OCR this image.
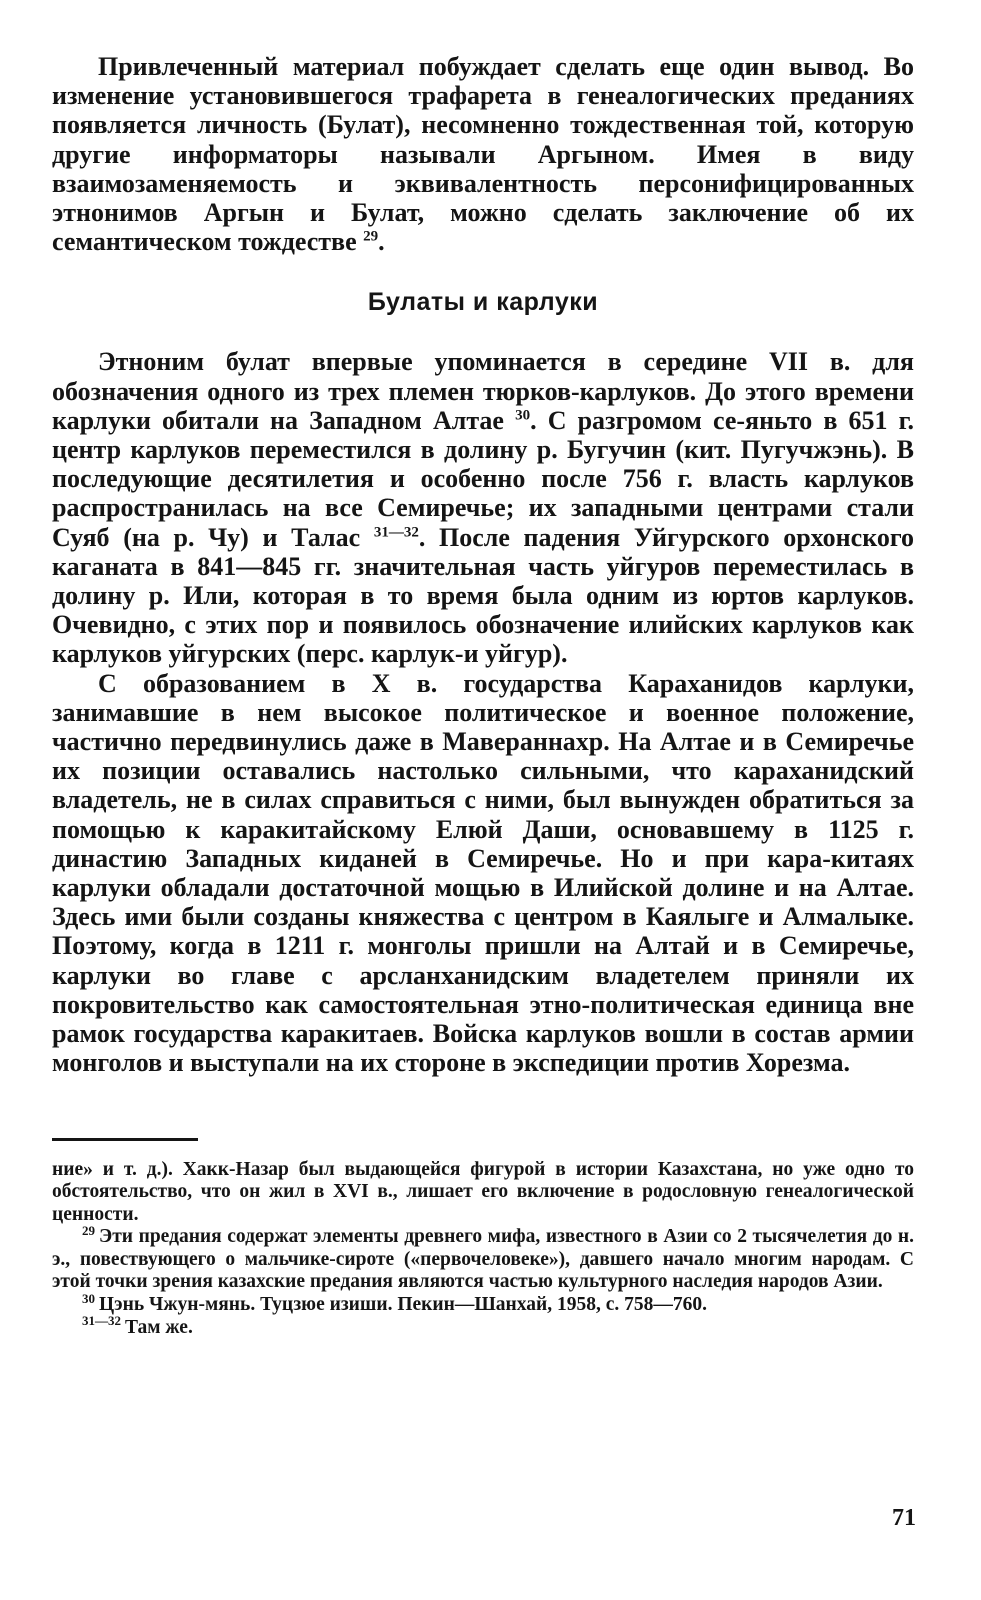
Привлеченный материал побуждает сделать еще один вывод. Во изменение установившегося трафарета в генеалогических преданиях появляется личность (Булат), несомненно тождественная той, которую другие информаторы называли Аргыном. Имея в виду взаимозаменяемость и эквивалентность персонифицированных этнонимов Аргын и Булат, можно сделать заключение об их семантическом тождестве $^{29}$.

Булаты и карлуки

Этноним булат впервые упоминается в середине VII в. для обозначения одного из трех племен тюрков-карлуков. До этого времени карлуки обитали на Западном Алтае $^{30}$. С разгромом се-яньто в 651 г. центр карлуков переместился в долину р. Бугучин (кит. Пугучжэнь). В последующие десятилетия и особенно после 756 г. власть карлуков распространилась на все Семиречье; их западными центрами стали Суяб (на р. Чу) и Талас $^{31—32}$. После падения Уйгурского орхонского каганата в 841—845 гг. значительная часть уйгуров переместилась в долину р. Или, которая в то время была одним из юртов карлуков. Очевидно, с этих пор и появилось обозначение илийских карлуков как карлуков уйгурских (перс. карлук-и уйгур).

С образованием в X в. государства Караханидов карлуки, занимавшие в нем высокое политическое и военное положение, частично передвинулись даже в Мавераннахр. На Алтае и в Семиречье их позиции оставались настолько сильными, что караханидский владетель, не в силах справиться с ними, был вынужден обратиться за помощью к каракитайскому Елюй Даши, основавшему в 1125 г. династию Западных киданей в Семиречье. Но и при кара-китаях карлуки обладали достаточной мощью в Илийской долине и на Алтае. Здесь ими были созданы княжества с центром в Каялыге и Алмалыке. Поэтому, когда в 1211 г. монголы пришли на Алтай и в Семиречье, карлуки во главе с арсланханидским владетелем приняли их покровительство как самостоятельная этно-политическая единица вне рамок государства каракитаев. Войска карлуков вошли в состав армии монголов и выступали на их стороне в экспедиции против Хорезма.

ние» и т. д.). Хакк-Назар был выдающейся фигурой в истории Казахстана, но уже одно то обстоятельство, что он жил в XVI в., лишает его включение в родословную генеалогической ценности.

$^{29}$ Эти предания содержат элементы древнего мифа, известного в Азии со 2 тысячелетия до н. э., повествующего о мальчике-сироте («первочеловеке»), давшего начало многим народам. С этой точки зрения казахские предания являются частью культурного наследия народов Азии.

$^{30}$ Цэнь Чжун-мянь. Туцзюе изиши. Пекин—Шанхай, 1958, с. 758—760.

$^{31—32}$ Там же.

71
